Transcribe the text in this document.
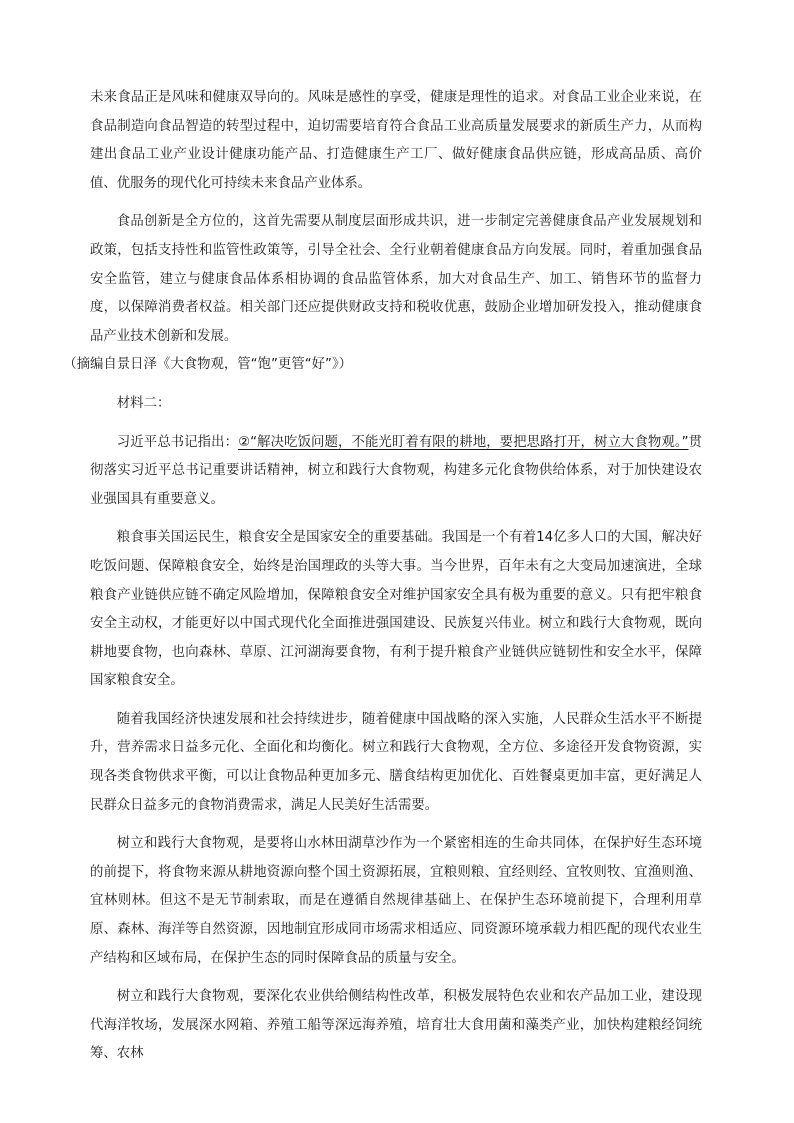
未来食品正是风味和健康双导向的。风味是感性的享受，健康是理性的追求。对食品工业企业来说，在食品制造向食品智造的转型过程中，迫切需要培育符合食品工业高质量发展要求的新质生产力，从而构建出食品工业产业设计健康功能产品、打造健康生产工厂、做好健康食品供应链，形成高品质、高价值、优服务的现代化可持续未来食品产业体系。

食品创新是全方位的，这首先需要从制度层面形成共识，进一步制定完善健康食品产业发展规划和政策，包括支持性和监管性政策等，引导全社会、全行业朝着健康食品方向发展。同时，着重加强食品安全监管，建立与健康食品体系相协调的食品监管体系，加大对食品生产、加工、销售环节的监督力度，以保障消费者权益。相关部门还应提供财政支持和税收优惠，鼓励企业增加研发投入，推动健康食品产业技术创新和发展。
（摘编自景日泽《大食物观，管“饱”更管“好”》）

材料二：

习近平总书记指出：②“解决吃饭问题，不能光盯着有限的耕地，要把思路打开，树立大食物观。”贯彻落实习近平总书记重要讲话精神，树立和践行大食物观，构建多元化食物供给体系，对于加快建设农业强国具有重要意义。

粮食事关国运民生，粮食安全是国家安全的重要基础。我国是一个有着14亿多人口的大国，解决好吃饭问题、保障粮食安全，始终是治国理政的头等大事。当今世界，百年未有之大变局加速演进，全球粮食产业链供应链不确定风险增加，保障粮食安全对维护国家安全具有极为重要的意义。只有把牢粮食安全主动权，才能更好以中国式现代化全面推进强国建设、民族复兴伟业。树立和践行大食物观，既向耕地要食物，也向森林、草原、江河湖海要食物，有利于提升粮食产业链供应链韧性和安全水平，保障国家粮食安全。

随着我国经济快速发展和社会持续进步，随着健康中国战略的深入实施，人民群众生活水平不断提升，营养需求日益多元化、全面化和均衡化。树立和践行大食物观，全方位、多途径开发食物资源，实现各类食物供求平衡，可以让食物品种更加多元、膳食结构更加优化、百姓餐桌更加丰富，更好满足人民群众日益多元的食物消费需求，满足人民美好生活需要。

树立和践行大食物观，是要将山水林田湖草沙作为一个紧密相连的生命共同体，在保护好生态环境的前提下，将食物来源从耕地资源向整个国土资源拓展，宜粮则粮、宜经则经、宜牧则牧、宜渔则渔、宜林则林。但这不是无节制索取，而是在遵循自然规律基础上、在保护生态环境前提下，合理利用草原、森林、海洋等自然资源，因地制宜形成同市场需求相适应、同资源环境承载力相匹配的现代农业生产结构和区域布局，在保护生态的同时保障食品的质量与安全。

树立和践行大食物观，要深化农业供给侧结构性改革，积极发展特色农业和农产品加工业，建设现代海洋牧场，发展深水网箱、养殖工船等深远海养殖，培育壮大食用菌和藻类产业，加快构建粮经饲统筹、农林
